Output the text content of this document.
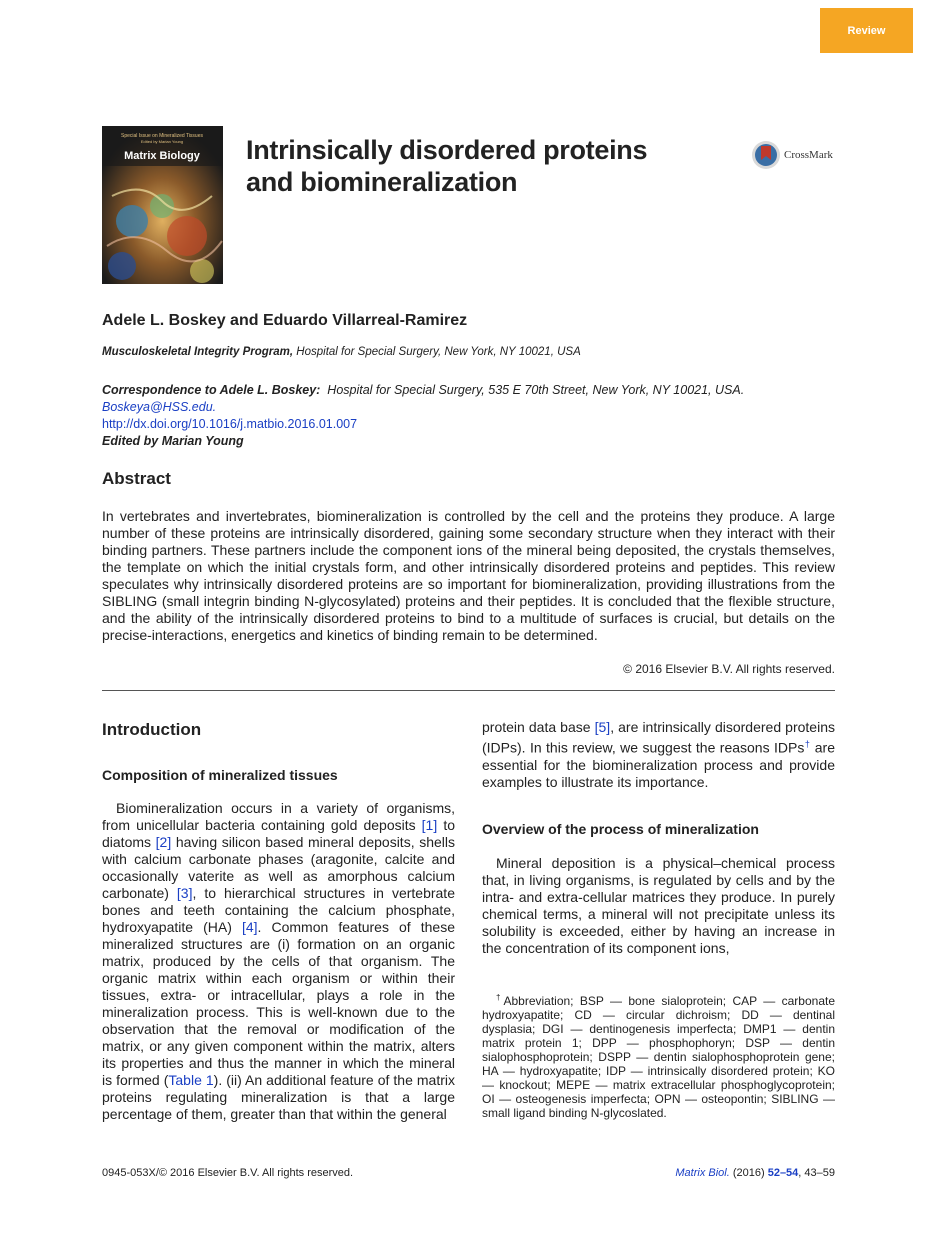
Review
Special Issue on Mineralized Tissues
Edited by Marian Young
Matrix Biology Intrinsically disordered proteins
and biomineralization
CrossMark
Adele L. Boskey and Eduardo Villarreal-Ramirez
Musculoskeletal Integrity Program, Hospital for Special Surgery, New York, NY 10021, USA
Correspondence to Adele L. Boskey:  Hospital for Special Surgery, 535 E 70th Street, New York, NY 10021, USA.
Boskeya@HSS.edu.
http://dx.doi.org/10.1016/j.matbio.2016.01.007
Edited by Marian Young
Abstract
In vertebrates and invertebrates, biomineralization is controlled by the cell and the proteins they produce. A large number of these proteins are intrinsically disordered, gaining some secondary structure when they interact with their binding partners. These partners include the component ions of the mineral being deposited, the crystals themselves, the template on which the initial crystals form, and other intrinsically disordered proteins and peptides. This review speculates why intrinsically disordered proteins are so important for biomineralization, providing illustrations from the SIBLING (small integrin binding N-glycosylated) proteins and their peptides. It is concluded that the flexible structure, and the ability of the intrinsically disordered proteins to bind to a multitude of surfaces is crucial, but details on the precise-interactions, energetics and kinetics of binding remain to be determined.
© 2016 Elsevier B.V. All rights reserved.
Introduction
Composition of mineralized tissues

Biomineralization occurs in a variety of organisms, from unicellular bacteria containing gold deposits [1] to diatoms [2] having silicon based mineral deposits, shells with calcium carbonate phases (aragonite, calcite and occasionally vaterite as well as amorphous calcium carbonate) [3], to hierarchical structures in vertebrate bones and teeth containing the calcium phosphate, hydroxyapatite (HA) [4]. Common features of these mineralized structures are (i) formation on an organic matrix, produced by the cells of that organism. The organic matrix within each organism or within their tissues, extra- or intracellular, plays a role in the mineralization process. This is well-known due to the observation that the removal or modification of the matrix, or any given component within the matrix, alters its properties and thus the manner in which the mineral is formed (Table 1). (ii) An additional feature of the matrix proteins regulating mineralization is that a large percentage of them, greater than that within the general

protein data base [5], are intrinsically disordered proteins (IDPs). In this review, we suggest the reasons IDPs† are essential for the biomineralization process and provide examples to illustrate its importance.

Overview of the process of mineralization

Mineral deposition is a physical–chemical process that, in living organisms, is regulated by cells and by the intra- and extra-cellular matrices they produce. In purely chemical terms, a mineral will not precipitate unless its solubility is exceeded, either by having an increase in the concentration of its component ions,

†Abbreviation; BSP — bone sialoprotein; CAP — carbonate hydroxyapatite; CD — circular dichroism; DD — dentinal dysplasia; DGI — dentinogenesis imperfecta; DMP1 — dentin matrix protein 1; DPP — phosphophoryn; DSP — dentin sialophosphoprotein; DSPP — dentin sialophosphoprotein gene; HA — hydroxyapatite; IDP — intrinsically disordered protein; KO — knockout; MEPE — matrix extracellular phosphoglycoprotein; OI — osteogenesis imperfecta; OPN — osteopontin; SIBLING — small ligand binding N-glycoslated.
0945-053X/© 2016 Elsevier B.V. All rights reserved.	Matrix Biol. (2016) 52–54, 43–59
